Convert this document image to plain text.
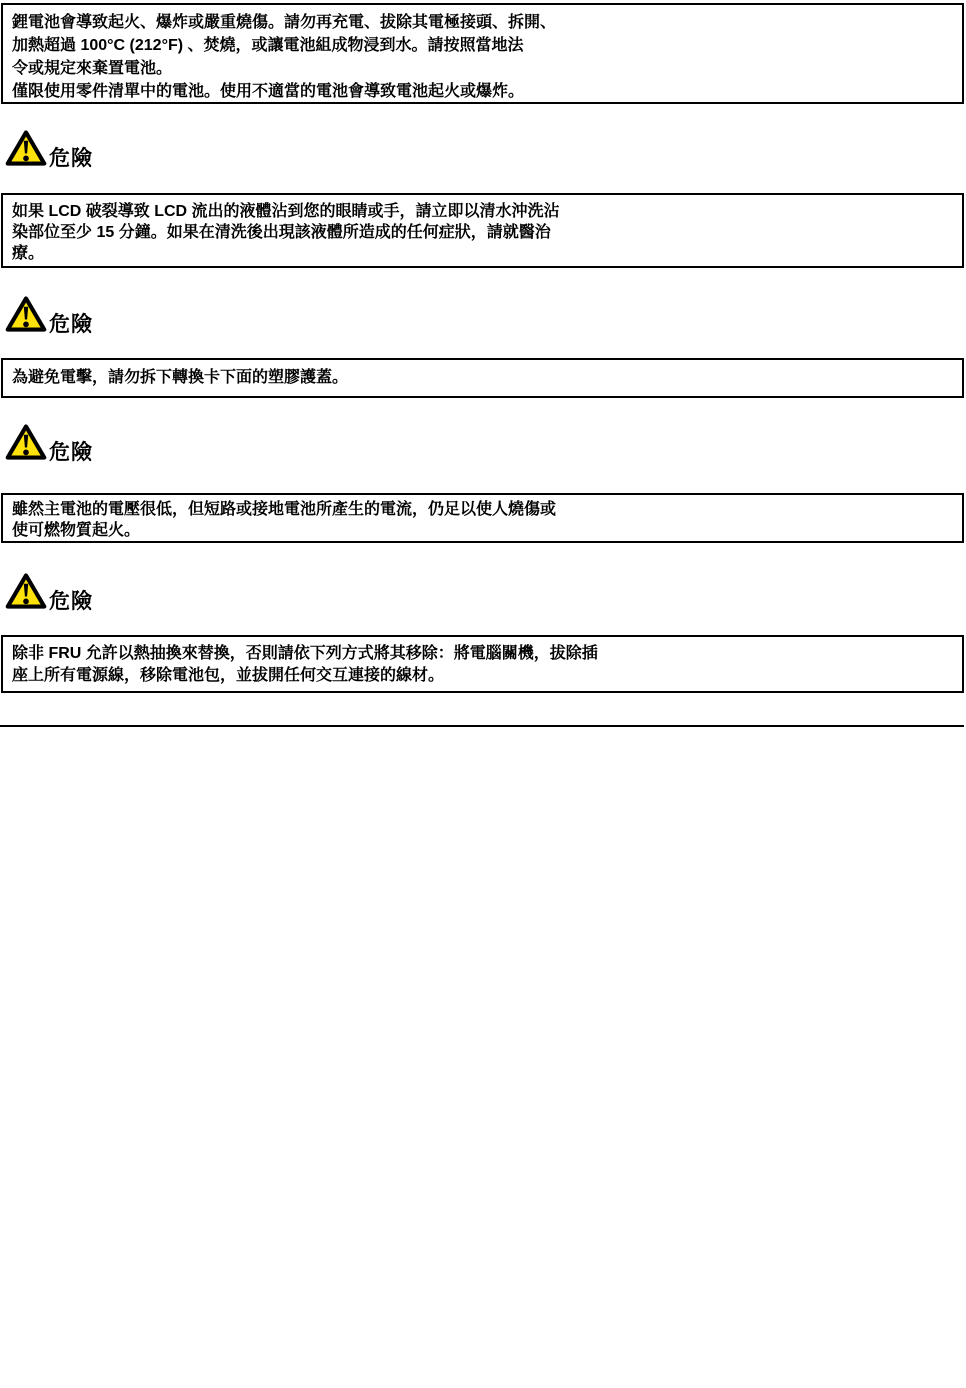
鋰電池會導致起火、爆炸或嚴重燒傷。請勿再充電、拔除其電極接頭、拆開、
加熱超過 100°C (212°F) 、焚燒，或讓電池組成物浸到水。請按照當地法
令或規定來棄置電池。
僅限使用零件清單中的電池。使用不適當的電池會導致電池起火或爆炸。
危險
如果 LCD 破裂導致 LCD 流出的液體沾到您的眼睛或手，請立即以清水沖洗沾
染部位至少 15 分鐘。如果在清洗後出現該液體所造成的任何症狀，請就醫治
療。
危險
為避免電擊，請勿拆下轉換卡下面的塑膠護蓋。
危險
雖然主電池的電壓很低，但短路或接地電池所產生的電流，仍足以使人燒傷或
使可燃物質起火。
危險
除非 FRU 允許以熱抽換來替換，否則請依下列方式將其移除：將電腦關機，拔除插
座上所有電源線，移除電池包，並拔開任何交互連接的線材。
